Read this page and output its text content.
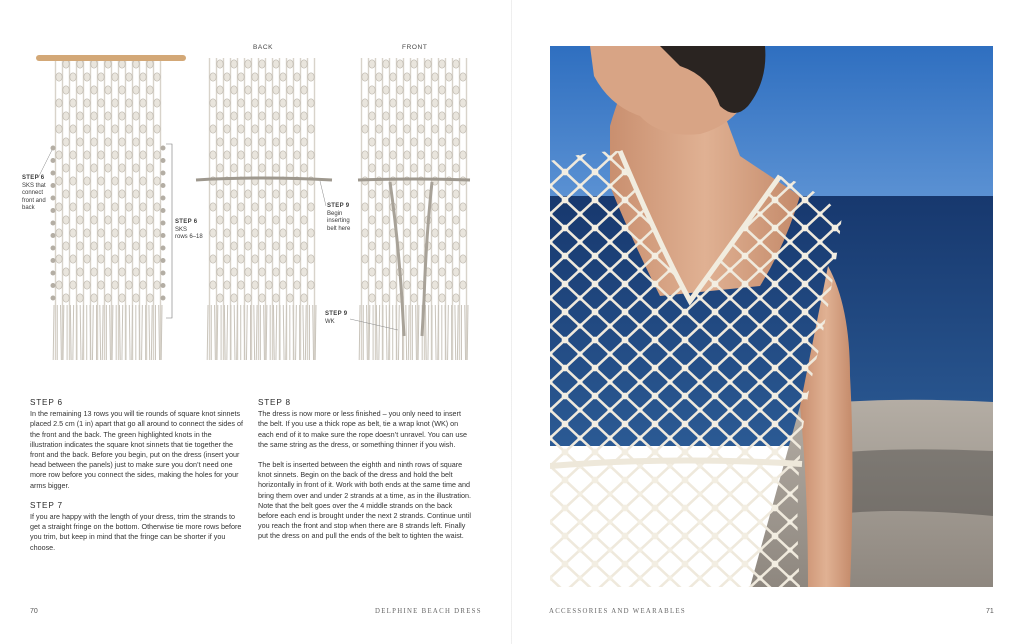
BACK	FRONT
STEP 6
SKS that
connect
front and
back
STEP 6
SKS
rows 6–18
STEP 9
Begin
inserting
belt here
STEP 9
WK
STEP 6
In the remaining 13 rows you will tie rounds of square knot sinnets placed 2.5 cm (1 in) apart that go all around to connect the sides of the front and the back. The green highlighted knots in the illustration indicates the square knot sinnets that tie together the front and the back. Before you begin, put on the dress (insert your head between the panels) just to make sure you don’t need one more row before you connect the sides, making the holes for your arms bigger.
STEP 7
If you are happy with the length of your dress, trim the strands to get a straight fringe on the bottom. Otherwise tie more rows before you trim, but keep in mind that the fringe can be shorter if you choose.
STEP 8
The dress is now more or less finished – you only need to insert the belt. If you use a thick rope as belt, tie a wrap knot (WK) on each end of it to make sure the rope doesn’t unravel. You can use the same string as the dress, or something thinner if you wish.
The belt is inserted between the eighth and ninth rows of square knot sinnets. Begin on the back of the dress and hold the belt horizontally in front of it. Work with both ends at the same time and bring them over and under 2 strands at a time, as in the illustration. Note that the belt goes over the 4 middle strands on the back before each end is brought under the next 2 strands. Continue until you reach the front and stop when there are 8 strands left. Finally put the dress on and pull the ends of the belt to tighten the waist.
70	DELPHINE BEACH DRESS	ACCESSORIES AND WEARABLES	71
